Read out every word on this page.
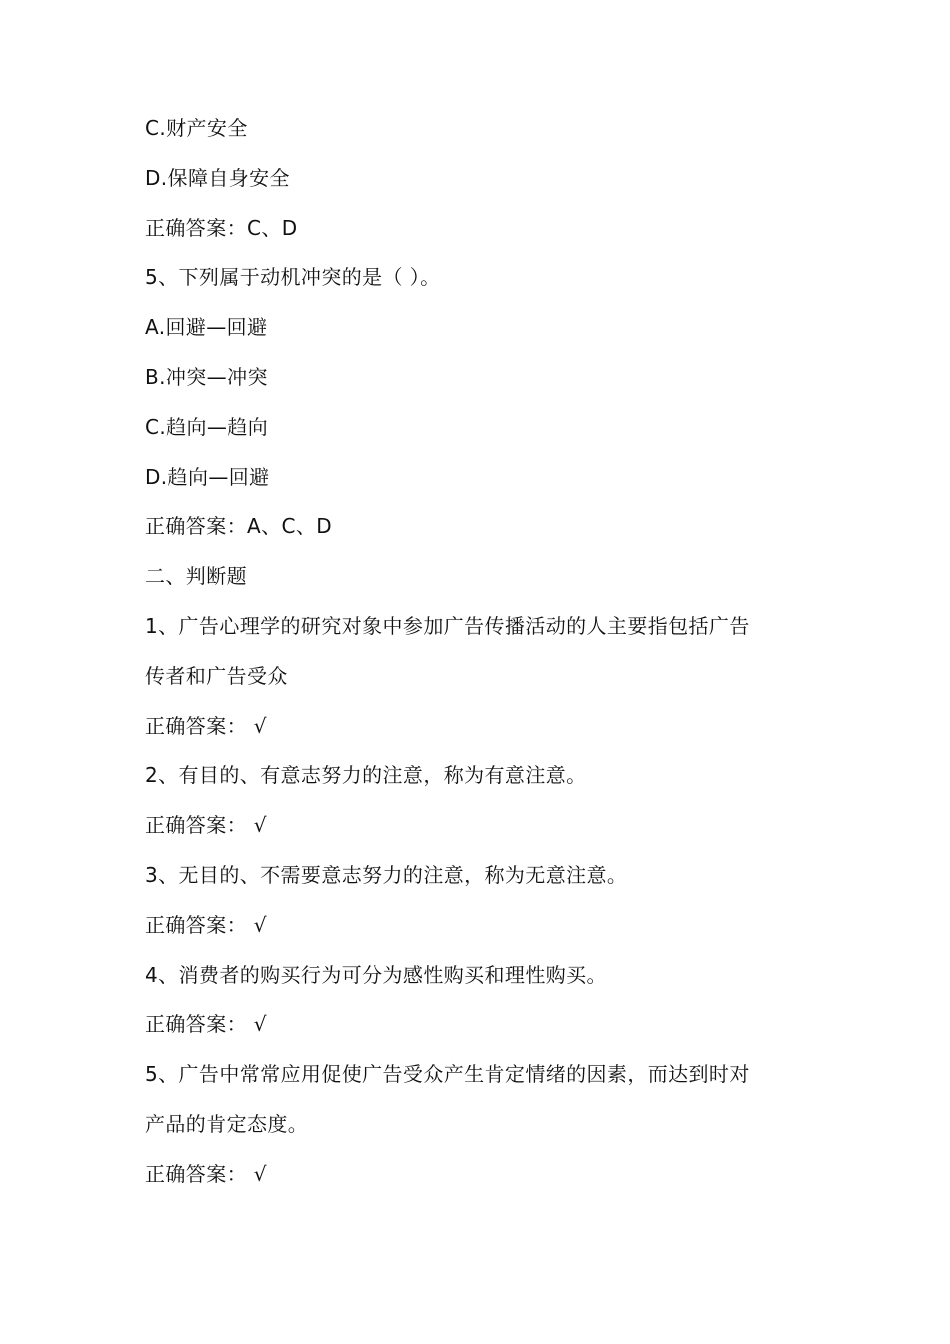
C.财产安全
D.保障自身安全
正确答案：C、D
5、下列属于动机冲突的是（ ）。
A.回避—回避
B.冲突—冲突
C.趋向—趋向
D.趋向—回避
正确答案：A、C、D
二、判断题
1、广告心理学的研究对象中参加广告传播活动的人主要指包括广告
传者和广告受众
正确答案： √
2、有目的、有意志努力的注意，称为有意注意。
正确答案： √
3、无目的、不需要意志努力的注意，称为无意注意。
正确答案： √
4、消费者的购买行为可分为感性购买和理性购买。
正确答案： √
5、广告中常常应用促使广告受众产生肯定情绪的因素，而达到时对
产品的肯定态度。
正确答案： √
